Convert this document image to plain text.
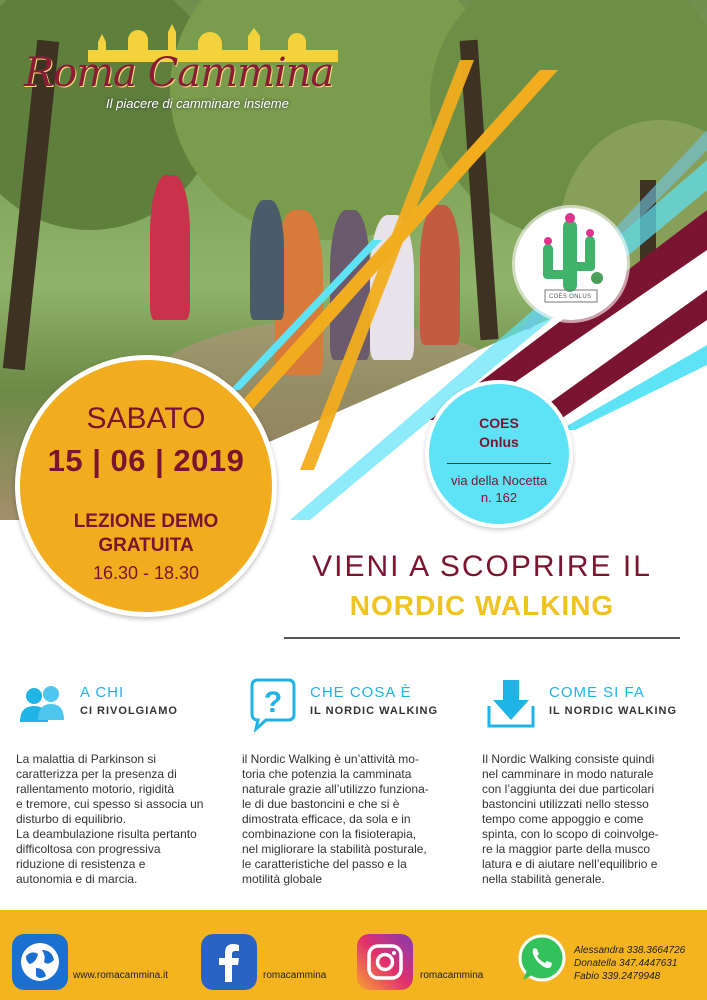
Roma Cammina
Il piacere di camminare insieme
COES ONLUS
SABATO
15 | 06 | 2019
LEZIONE DEMO
GRATUITA
16.30 - 18.30
COES
Onlus
via della Nocetta
n. 162
VIENI A SCOPRIRE IL
NORDIC WALKING
A CHI
CI RIVOLGIAMO
La malattia di Parkinson si
caratterizza per la presenza di
rallentamento motorio, rigidità
e tremore, cui spesso si associa un
disturbo di equilibrio.
La deambulazione risulta pertanto
difficoltosa con progressiva
riduzione di resistenza e
autonomia e di marcia.
? CHE COSA È
IL NORDIC WALKING
il Nordic Walking è un’attività mo-
toria che potenzia la camminata
naturale grazie all’utilizzo funziona-
le di due bastoncini e che si è
dimostrata efficace, da sola e in
combinazione con la fisioterapia,
nel migliorare la stabilità posturale,
le caratteristiche del passo e la
motilità globale
COME SI FA
IL NORDIC WALKING
Il Nordic Walking consiste quindi
nel camminare in modo naturale
con l’aggiunta dei due particolari
bastoncini utilizzati nello stesso
tempo come appoggio e come
spinta, con lo scopo di coinvolge-
re la maggior parte della musco
latura e di aiutare nell’equilibrio e
nella stabilità generale.
www.romacammina.it	romacammina	romacammina
Alessandra 338.3664726
Donatella 347.4447631
Fabio 339.2479948
